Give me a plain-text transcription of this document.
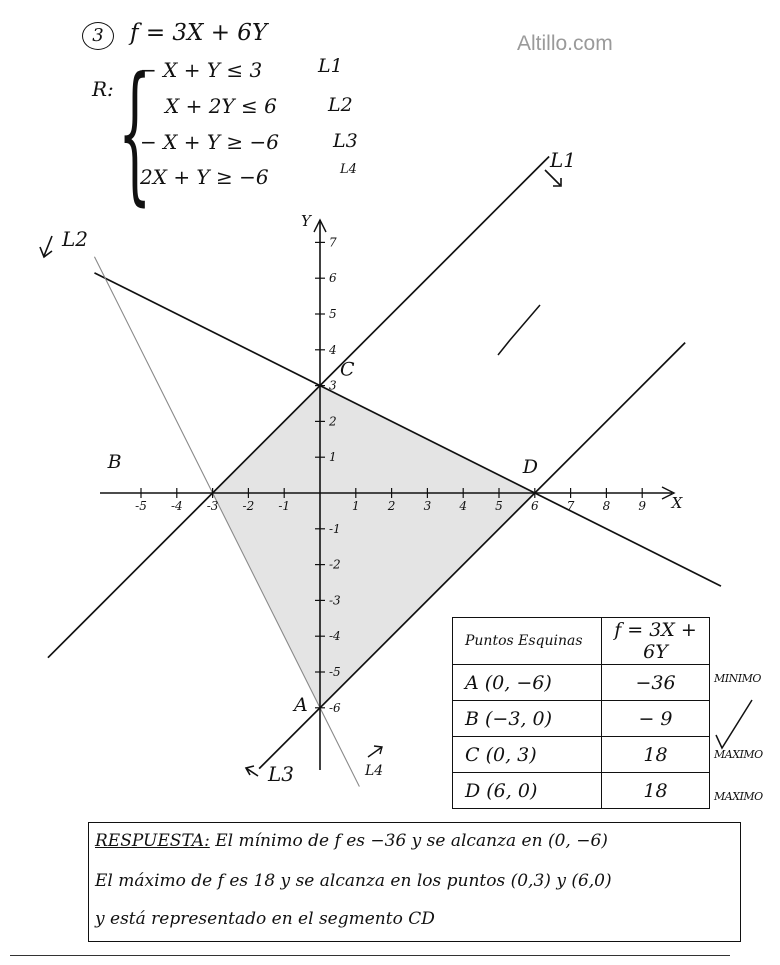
Altillo.com
3	f = 3X + 6Y
R: {
− X + Y ≤ 3	L1
X + 2Y ≤ 6	L2
− X + Y ≥ −6	L3
2X + Y ≥ −6	L4
-5 -4 -3 -2 -1	1 2 3 4 5 6 7 8 9
7
6
5
4
3
2
1
-1
-2
-3
-4
-5
-6
X
Y
A
B
C
D
L1
L2
L3	L4
Puntos Esquinas	f = 3X + 6Y
A (0, −6)	−36
B (−3, 0)	− 9
C (0, 3)	18
D (6, 0)	18
MINIMO
MAXIMO
MAXIMO
RESPUESTA: El mínimo de f es −36 y se alcanza en (0, −6)
El máximo de f es 18 y se alcanza en los puntos (0,3) y (6,0)
y está representado en el segmento CD
